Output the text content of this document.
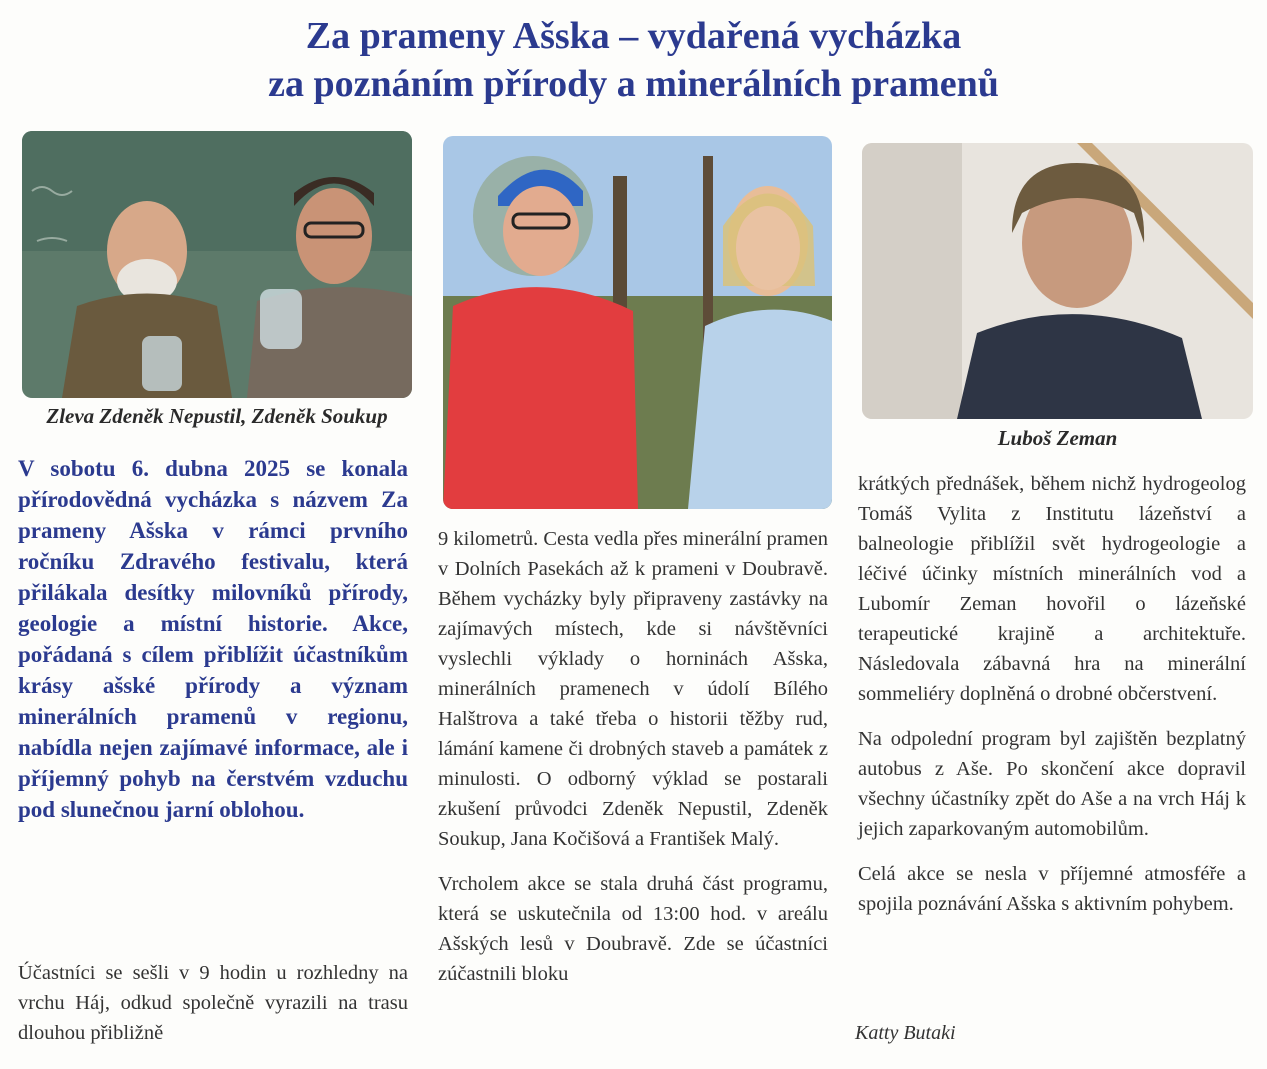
Za prameny Ašska – vydařená vycházka
za poznáním přírody a minerálních pramenů

Zleva Zdeněk Nepustil, Zdeněk Soukup

Luboš Zeman

V sobotu 6. dubna 2025 se konala přírodovědná vycházka s názvem Za prameny Ašska v rámci prvního ročníku Zdravého festivalu, která přilákala desítky milovníků přírody, geologie a místní historie. Akce, pořádaná s cílem přiblížit účastníkům krásy ašské přírody a význam minerálních pramenů v regionu, nabídla nejen zajímavé informace, ale i příjemný pohyb na čerstvém vzduchu pod slunečnou jarní oblohou.

Účastníci se sešli v 9 hodin u rozhledny na vrchu Háj, odkud společně vyrazili na trasu dlouhou přibližně

9 kilometrů. Cesta vedla přes minerální pramen v Dolních Pasekách až k prameni v Doubravě. Během vycházky byly připraveny zastávky na zajímavých místech, kde si návštěvníci vyslechli výklady o horninách Ašska, minerálních pramenech v údolí Bílého Halštrova a také třeba o historii těžby rud, lámání kamene či drobných staveb a památek z minulosti. O odborný výklad se postarali zkušení průvodci Zdeněk Nepustil, Zdeněk Soukup, Jana Kočišová a František Malý.

Vrcholem akce se stala druhá část programu, která se uskutečnila od 13:00 hod. v areálu Ašských lesů v Doubravě. Zde se účastníci zúčastnili bloku

krátkých přednášek, během nichž hydrogeolog Tomáš Vylita z Institutu lázeňství a balneologie přiblížil svět hydrogeologie a léčivé účinky místních minerálních vod a Lubomír Zeman hovořil o lázeňské terapeutické krajině a architektuře. Následovala zábavná hra na minerální sommeliéry doplněná o drobné občerstvení.

Na odpolední program byl zajištěn bezplatný autobus z Aše. Po skončení akce dopravil všechny účastníky zpět do Aše a na vrch Háj k jejich zaparkovaným automobilům.

Celá akce se nesla v příjemné atmosféře a spojila poznávání Ašska s aktivním pohybem.

Katty Butaki
